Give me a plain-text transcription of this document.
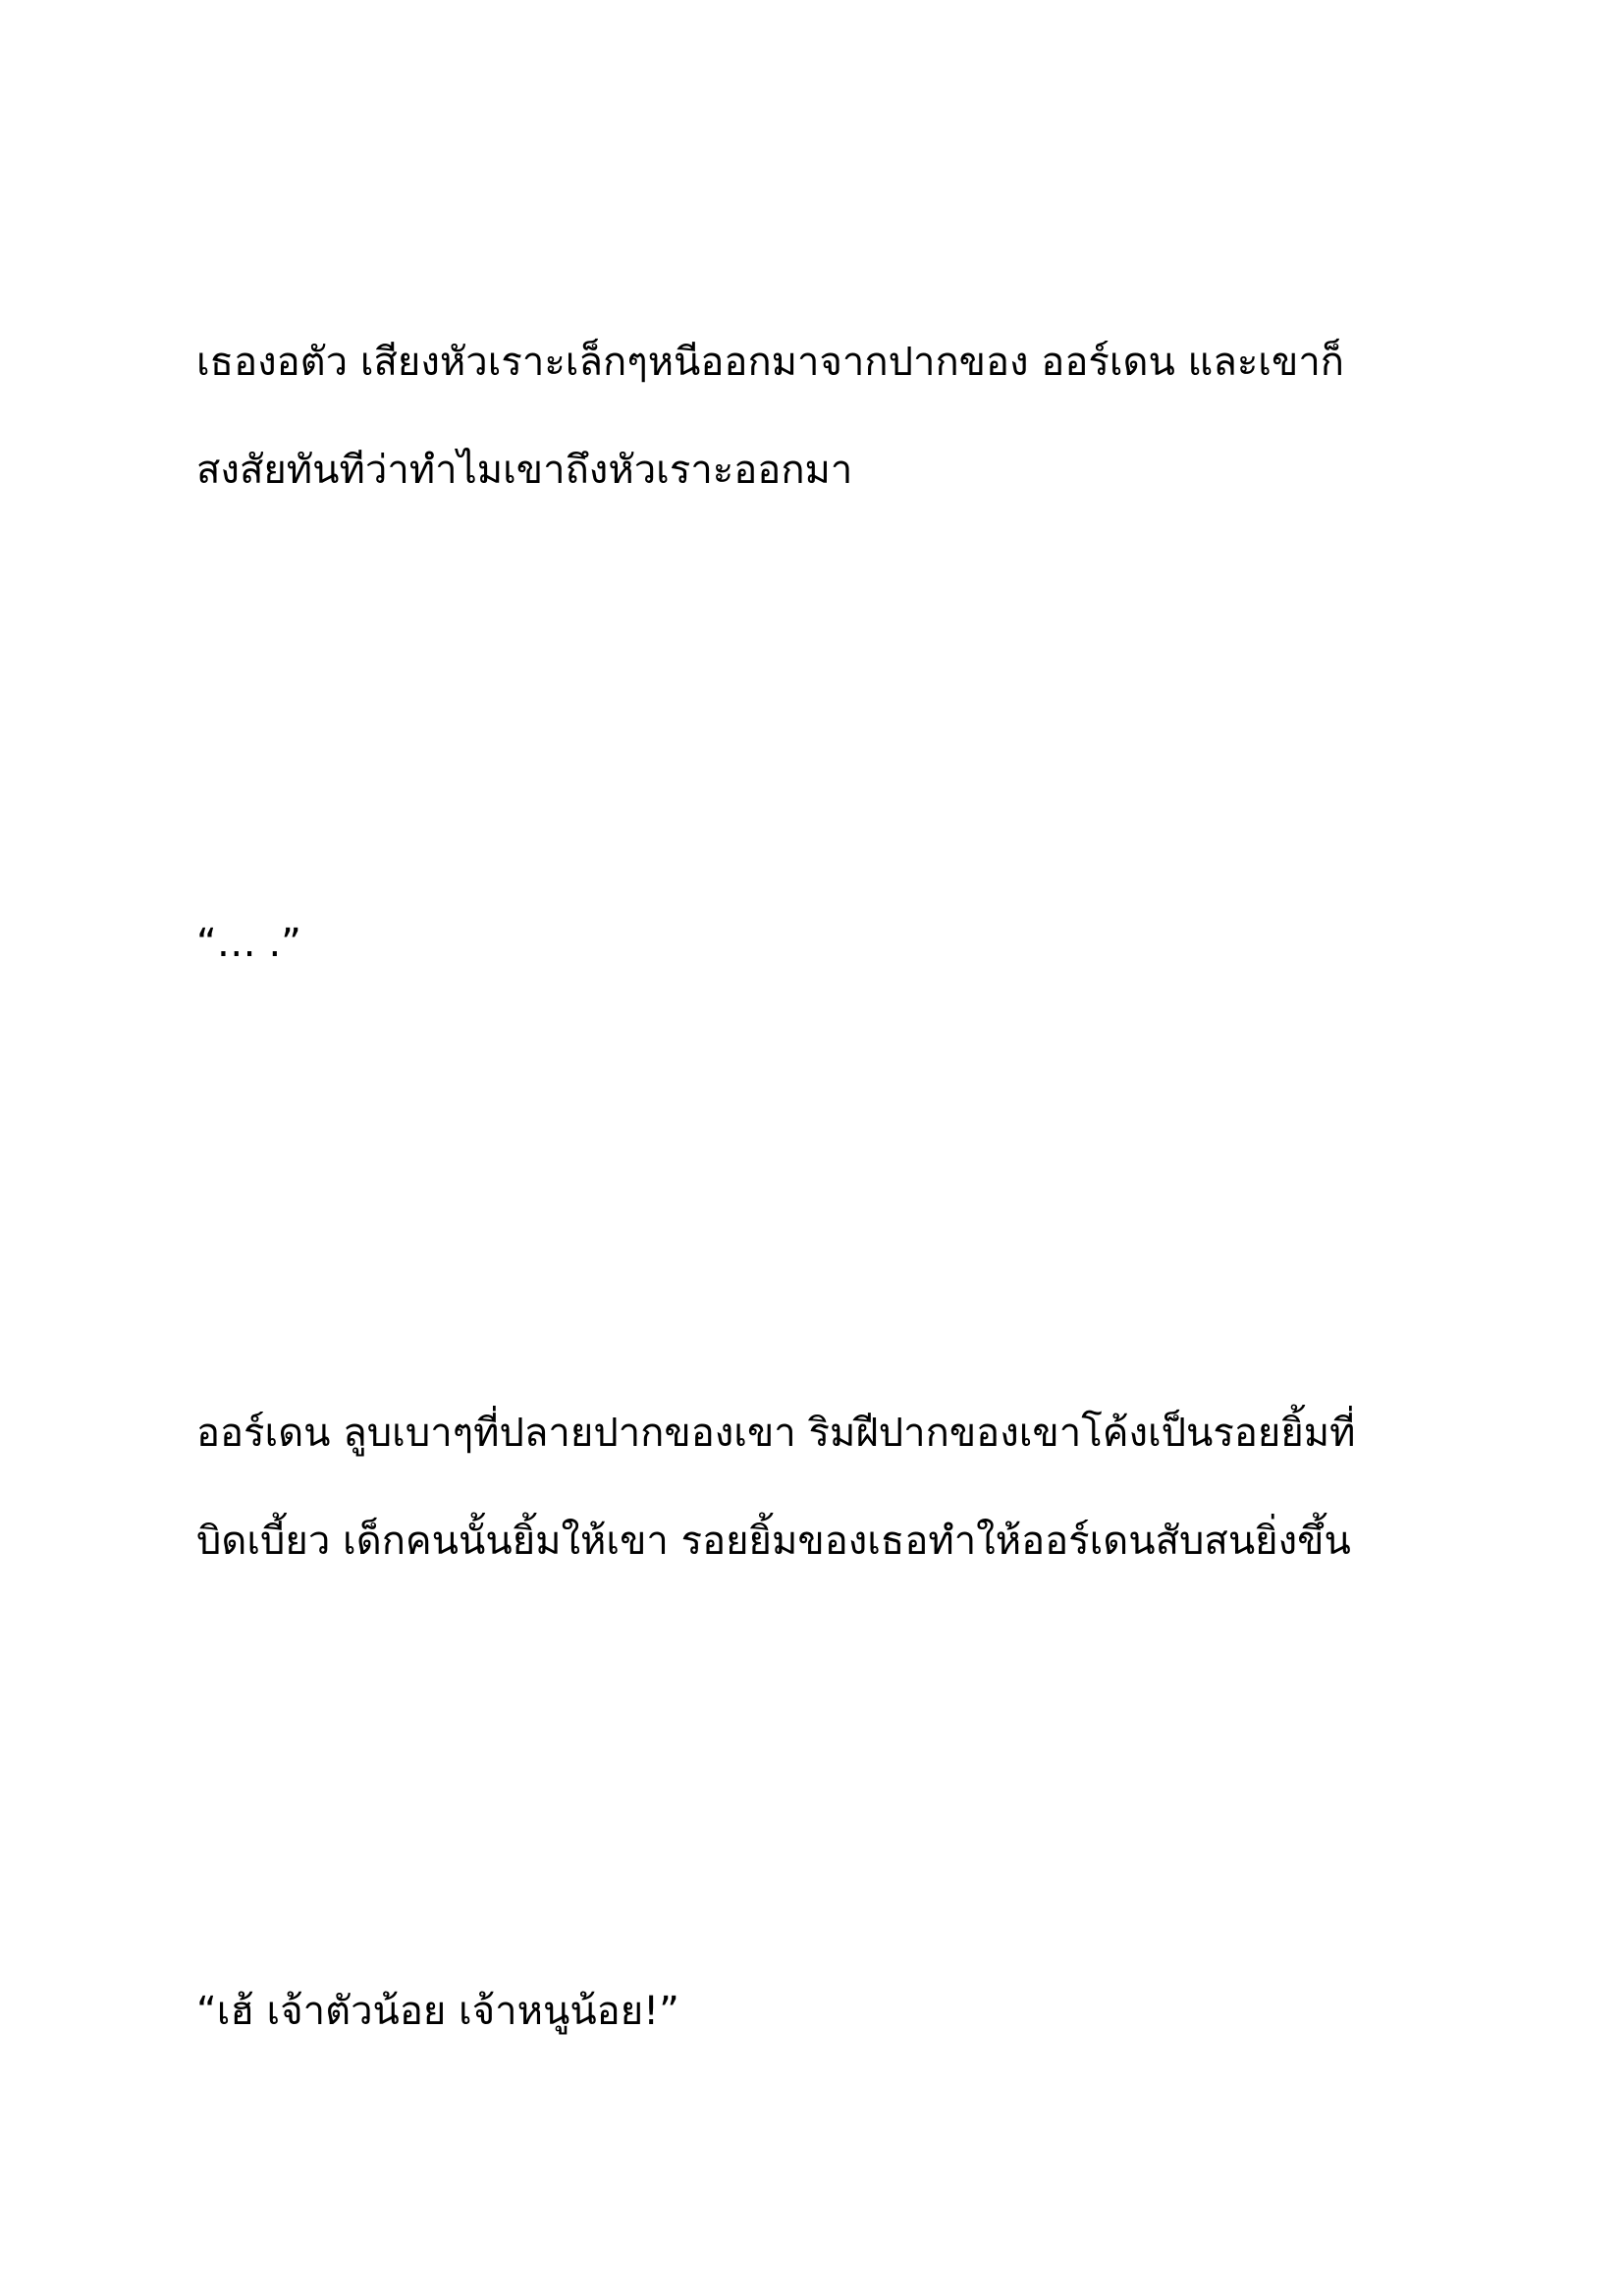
เธองอตัว เสียงหัวเราะเล็กๆหนีออกมาจากปากของ ออร์เดน และเขาก็
สงสัยทันทีว่าทำไมเขาถึงหัวเราะออกมา

“… .”

ออร์เดน ลูบเบาๆที่ปลายปากของเขา ริมฝีปากของเขาโค้งเป็นรอยยิ้มที่
บิดเบี้ยว เด็กคนนั้นยิ้มให้เขา รอยยิ้มของเธอทำให้ออร์เดนสับสนยิ่งขึ้น

“เฮ้ เจ้าตัวน้อย เจ้าหนูน้อย!”
